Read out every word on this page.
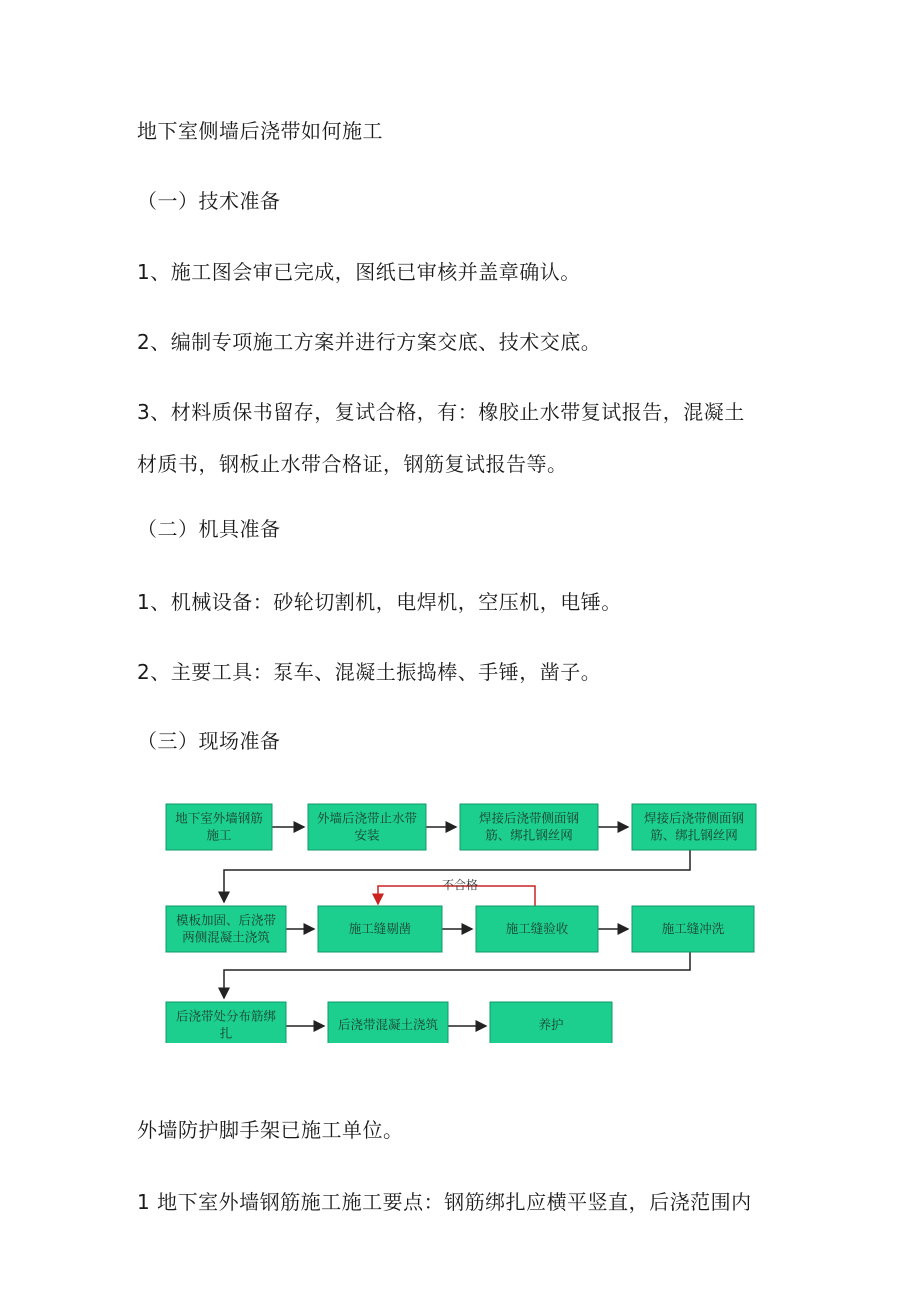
地下室侧墙后浇带如何施工
（一）技术准备
1、施工图会审已完成，图纸已审核并盖章确认。
2、编制专项施工方案并进行方案交底、技术交底。
3、材料质保书留存，复试合格，有：橡胶止水带复试报告，混凝土
材质书，钢板止水带合格证，钢筋复试报告等。
（二）机具准备
1、机械设备：砂轮切割机，电焊机，空压机，电锤。
2、主要工具：泵车、混凝土振捣棒、手锤，凿子。
（三）现场准备
不合格
地下室外墙钢筋
施工
外墙后浇带止水带
安装
焊接后浇带侧面钢
筋、绑扎钢丝网
焊接后浇带侧面钢
筋、绑扎钢丝网
模板加固、后浇带
两侧混凝土浇筑
施工缝剔凿	施工缝验收	施工缝冲洗
后浇带处分布筋绑
扎
后浇带混凝土浇筑	养护
外墙防护脚手架已施工单位。
1 地下室外墙钢筋施工施工要点：钢筋绑扎应横平竖直，后浇范围内
